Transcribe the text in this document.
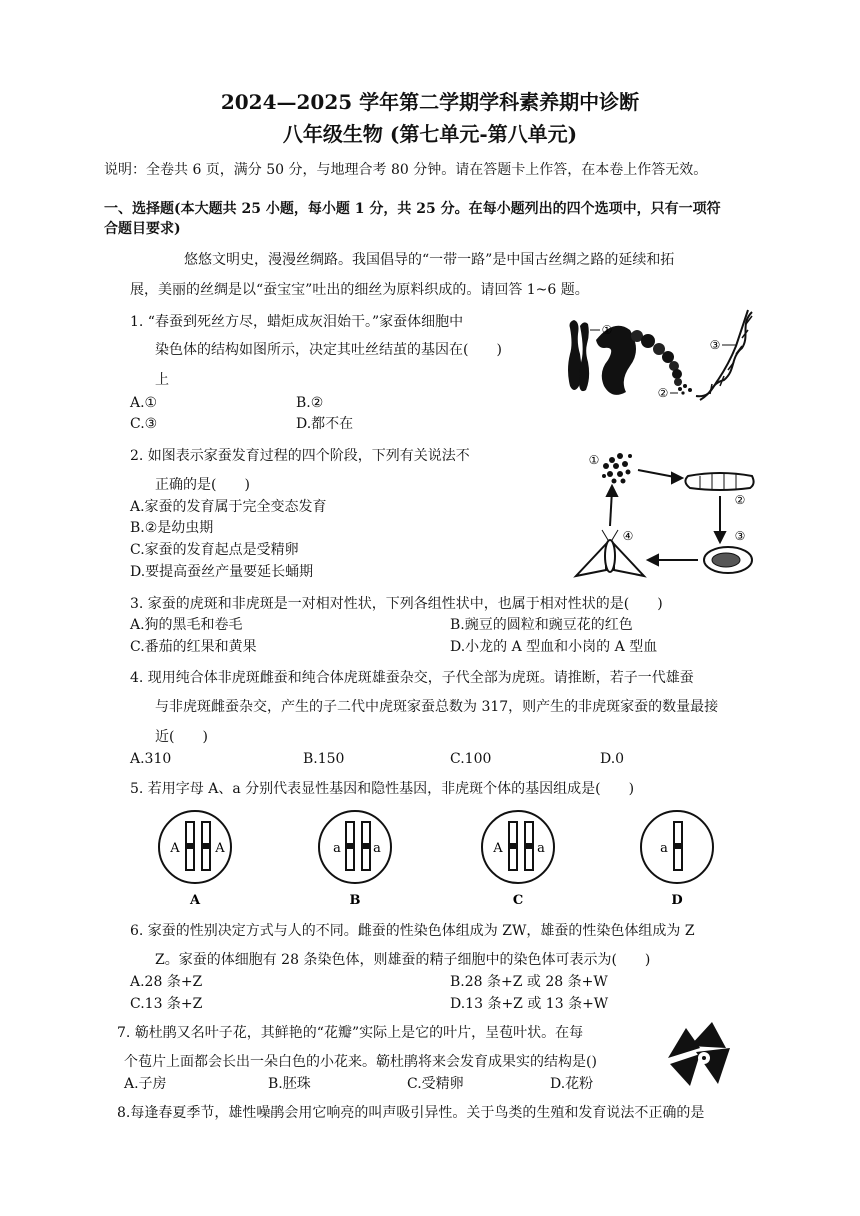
2024—2025 学年第二学期学科素养期中诊断
八年级生物 (第七单元-第八单元)
说明：全卷共 6 页，满分 50 分，与地理合考 80 分钟。请在答题卡上作答，在本卷上作答无效。
一、选择题(本大题共 25 小题，每小题 1 分，共 25 分。在每小题列出的四个选项中，只有一项符
合题目要求)
悠悠文明史，漫漫丝绸路。我国倡导的“一带一路”是中国古丝绸之路的延续和拓
展，美丽的丝绸是以“蚕宝宝”吐出的细丝为原料织成的。请回答 1~6 题。
1. “春蚕到死丝方尽，蜡炬成灰泪始干。”家蚕体细胞中
染色体的结构如图所示，决定其吐丝结茧的基因在(　　)
上
A.①	B.②
C.③	D.都不在
①
②
③
2. 如图表示家蚕发育过程的四个阶段，下列有关说法不
正确的是(　　)
A.家蚕的发育属于完全变态发育
B.②是幼虫期
C.家蚕的发育起点是受精卵
D.要提高蚕丝产量要延长蛹期
①
②
③
④
3. 家蚕的虎斑和非虎斑是一对相对性状，下列各组性状中，也属于相对性状的是(　　)
A.狗的黑毛和卷毛	B.豌豆的圆粒和豌豆花的红色
C.番茄的红果和黄果	D.小龙的 A 型血和小岗的 A 型血
4. 现用纯合体非虎斑雌蚕和纯合体虎斑雄蚕杂交，子代全部为虎斑。请推断，若子一代雄蚕
与非虎斑雌蚕杂交，产生的子二代中虎斑家蚕总数为 317，则产生的非虎斑家蚕的数量最接
近(　　)
A.310	B.150	C.100	D.0
5. 若用字母 A、a 分别代表显性基因和隐性基因，非虎斑个体的基因组成是(　　)
A	A
A
a a
B
A	a
C
a
D
6. 家蚕的性别决定方式与人的不同。雌蚕的性染色体组成为 ZW，雄蚕的性染色体组成为 Z
Z。家蚕的体细胞有 28 条染色体，则雄蚕的精子细胞中的染色体可表示为(　　)
A.28 条+Z	B.28 条+Z 或 28 条+W
C.13 条+Z	D.13 条+Z 或 13 条+W
7. 簕杜鹃又名叶子花，其鲜艳的“花瓣”实际上是它的叶片，呈苞叶状。在每
个苞片上面都会长出一朵白色的小花来。簕杜鹃将来会发育成果实的结构是()
A.子房	B.胚珠	C.受精卵	D.花粉
8.每逢春夏季节，雄性噪鹃会用它响亮的叫声吸引异性。关于鸟类的生殖和发育说法不正确的是
